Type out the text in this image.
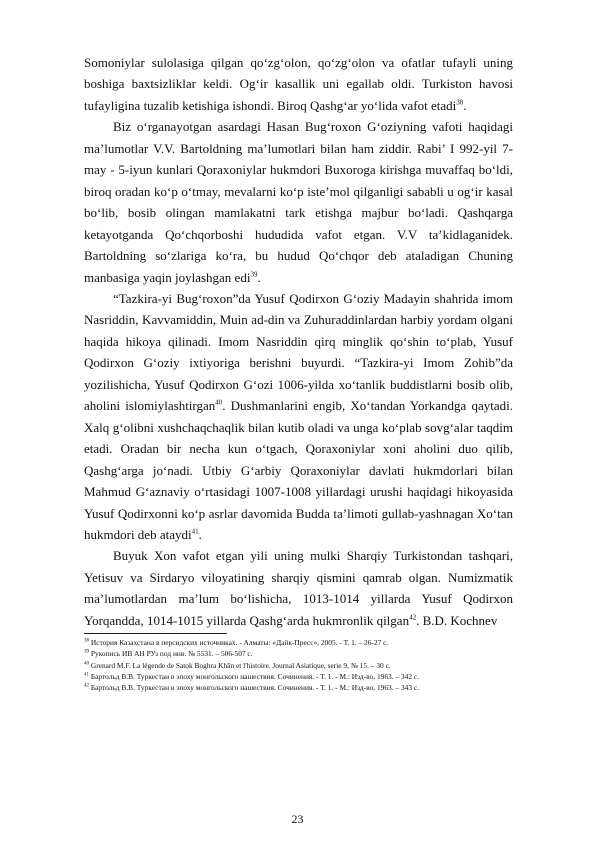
Somoniylar sulolasiga qilgan qo‘zg‘olon, qo‘zg‘olon va ofatlar tufayli uning boshiga baxtsizliklar keldi. Og‘ir kasallik uni egallab oldi. Turkiston havosi tufayligina tuzalib ketishiga ishondi. Biroq Qashg‘ar yo‘lida vafot etadi$^{38}$.

Biz o‘rganayotgan asardagi Hasan Bug‘roxon G‘oziyning vafoti haqidagi ma’lumotlar V.V. Bartoldning ma’lumotlari bilan ham ziddir. Rabi’ I 992-yil 7-may - 5-iyun kunlari Qoraxoniylar hukmdori Buxoroga kirishga muvaffaq bo‘ldi, biroq oradan ko‘p o‘tmay, mevalarni ko‘p iste’mol qilganligi sababli u og‘ir kasal bo‘lib, bosib olingan mamlakatni tark etishga majbur bo‘ladi. Qashqarga ketayotganda Qo‘chqorboshi hududida vafot etgan. V.V ta’kidlaganidek. Bartoldning so‘zlariga ko‘ra, bu hudud Qo‘chqor deb ataladigan Chuning manbasiga yaqin joylashgan edi$^{39}$.

“Tazkira-yi Bug‘roxon”da Yusuf Qodirxon G‘oziy Madayin shahrida imom Nasriddin, Kavvamiddin, Muin ad-din va Zuhuraddinlardan harbiy yordam olgani haqida hikoya qilinadi. Imom Nasriddin qirq minglik qo‘shin to‘plab, Yusuf Qodirxon G‘oziy ixtiyoriga berishni buyurdi. “Tazkira-yi Imom Zohib”da yozilishicha, Yusuf Qodirxon G‘ozi 1006-yilda xo‘tanlik buddistlarni bosib olib, aholini islomiylashtirgan$^{40}$. Dushmanlarini engib, Xo‘tandan Yorkandga qaytadi. Xalq g‘olibni xushchaqchaqlik bilan kutib oladi va unga ko‘plab sovg‘alar taqdim etadi. Oradan bir necha kun o‘tgach, Qoraxoniylar xoni aholini duo qilib, Qashg‘arga jo‘nadi. Utbiy G‘arbiy Qoraxoniylar davlati hukmdorlari bilan Mahmud G‘aznaviy o‘rtasidagi 1007-1008 yillardagi urushi haqidagi hikoyasida Yusuf Qodirxonni ko‘p asrlar davomida Budda ta’limoti gullab-yashnagan Xo‘tan hukmdori deb ataydi$^{41}$.

Buyuk Xon vafot etgan yili uning mulki Sharqiy Turkistondan tashqari, Yetisuv va Sirdaryo viloyatining sharqiy qismini qamrab olgan. Numizmatik ma’lumotlardan ma’lum bo‘lishicha, 1013-1014 yillarda Yusuf Qodirxon Yorqandda, 1014-1015 yillarda Qashg‘arda hukmronlik qilgan$^{42}$. B.D. Kochnev

$^{38}$ История Казахстана в персидских источниках. - Алматы: «Дайк-Пресс», 2005. - Т. 1. – 26-27 с.

$^{39}$ Рукопись ИВ АН РУз под инв. № 5531. – 506-507 с.

$^{40}$ Grenard M.F. La légende de Satok Boghra Khân et l'histoire. Journal Asiatique, serie 9, № 15. – 30 c.

$^{41}$ Бартольд В.В. Туркестан в эпоху монгольского нашествия. Сочинения. - Т. 1. - М.: Изд-во, 1963. – 342 с.

$^{42}$ Бартольд В.В. Туркестан в эпоху монгольского нашествия. Сочинения. - Т. 1. - М.: Изд-во, 1963. – 343 с.

23
